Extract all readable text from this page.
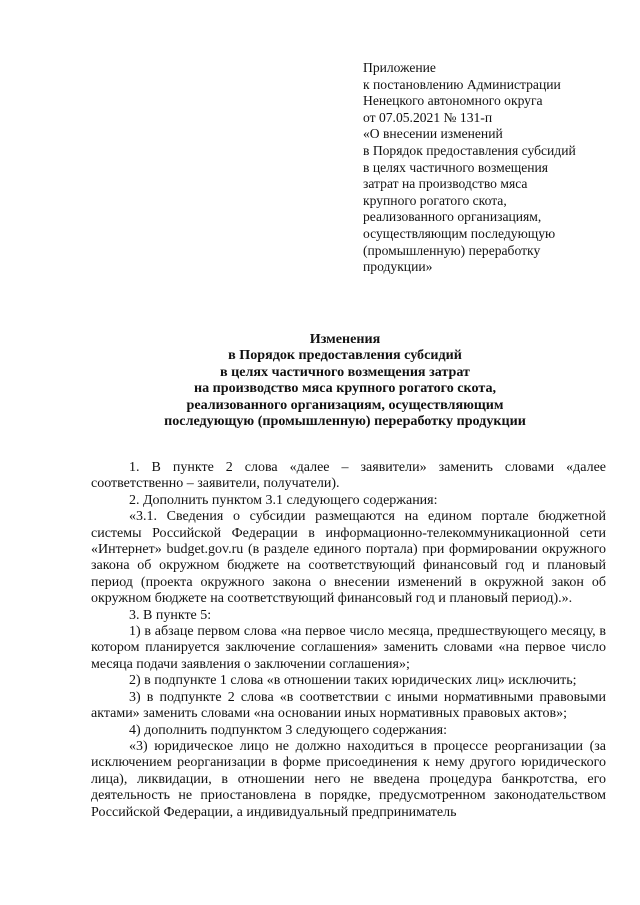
Приложение
к постановлению Администрации
Ненецкого автономного округа
от 07.05.2021 № 131-п
«О внесении изменений
в Порядок предоставления субсидий
в целях частичного возмещения
затрат на производство мяса
крупного рогатого скота,
реализованного организациям,
осуществляющим последующую
(промышленную) переработку
продукции»
Изменения
в Порядок предоставления субсидий
в целях частичного возмещения затрат
на производство мяса крупного рогатого скота,
реализованного организациям, осуществляющим
последующую (промышленную) переработку продукции

1. В пункте 2 слова «далее – заявители» заменить словами «далее соответственно – заявители, получатели).

2. Дополнить пунктом 3.1 следующего содержания:

«3.1. Сведения о субсидии размещаются на едином портале бюджетной системы Российской Федерации в информационно-телекоммуникационной сети «Интернет» budget.gov.ru (в разделе единого портала) при формировании окружного закона об окружном бюджете на соответствующий финансовый год и плановый период (проекта окружного закона о внесении изменений в окружной закон об окружном бюджете на соответствующий финансовый год и плановый период).».

3. В пункте 5:

1) в абзаце первом слова «на первое число месяца, предшествующего месяцу, в котором планируется заключение соглашения» заменить словами «на первое число месяца подачи заявления о заключении соглашения»;

2) в подпункте 1 слова «в отношении таких юридических лиц» исключить;

3) в подпункте 2 слова «в соответствии с иными нормативными правовыми актами» заменить словами «на основании иных нормативных правовых актов»;

4) дополнить подпунктом 3 следующего содержания:

«3) юридическое лицо не должно находиться в процессе реорганизации (за исключением реорганизации в форме присоединения к нему другого юридического лица), ликвидации, в отношении него не введена процедура банкротства, его деятельность не приостановлена в порядке, предусмотренном законодательством Российской Федерации, а индивидуальный предприниматель
